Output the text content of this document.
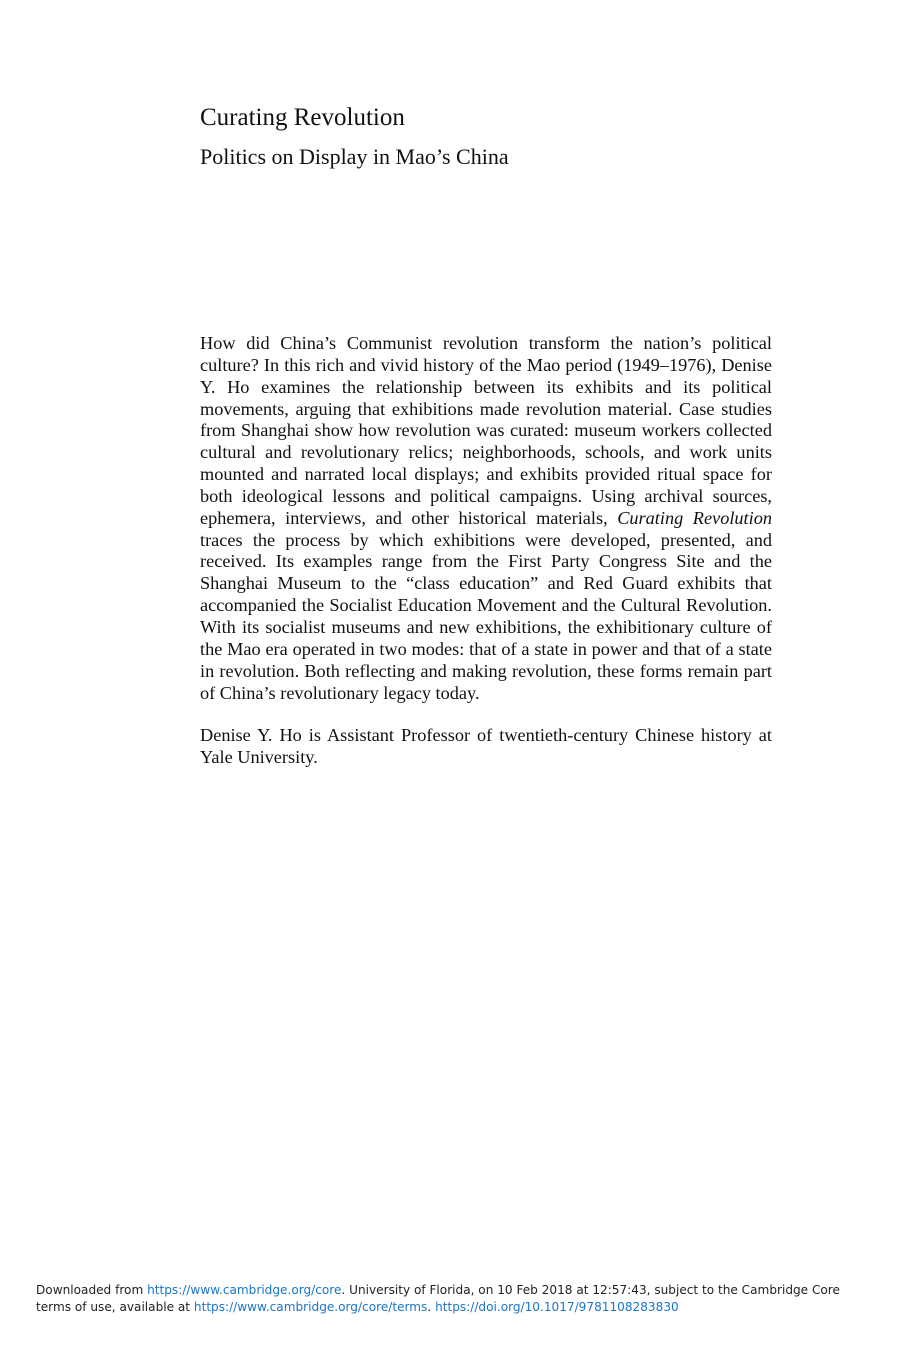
Curating Revolution
Politics on Display in Mao’s China

How did China’s Communist revolution transform the nation’s political culture? In this rich and vivid history of the Mao period (1949–1976), Denise Y. Ho examines the relationship between its exhibits and its political movements, arguing that exhibitions made revolution material. Case studies from Shanghai show how revolution was curated: museum workers collected cultural and revolutionary relics; neighborhoods, schools, and work units mounted and narrated local displays; and exhibits provided ritual space for both ideological lessons and political campaigns. Using archival sources, ephemera, interviews, and other historical materials, Curating Revolution traces the process by which exhibitions were developed, presented, and received. Its examples range from the First Party Congress Site and the Shanghai Museum to the “class education” and Red Guard exhibits that accompanied the Socialist Education Movement and the Cultural Revolution. With its socialist museums and new exhibitions, the exhibitionary culture of the Mao era operated in two modes: that of a state in power and that of a state in revolution. Both reflecting and making revolution, these forms remain part of China’s revolutionary legacy today.

Denise Y. Ho is Assistant Professor of twentieth-century Chinese history at Yale University.

Downloaded from https://www.cambridge.org/core. University of Florida, on 10 Feb 2018 at 12:57:43, subject to the Cambridge Core terms of use, available at https://www.cambridge.org/core/terms. https://doi.org/10.1017/9781108283830
